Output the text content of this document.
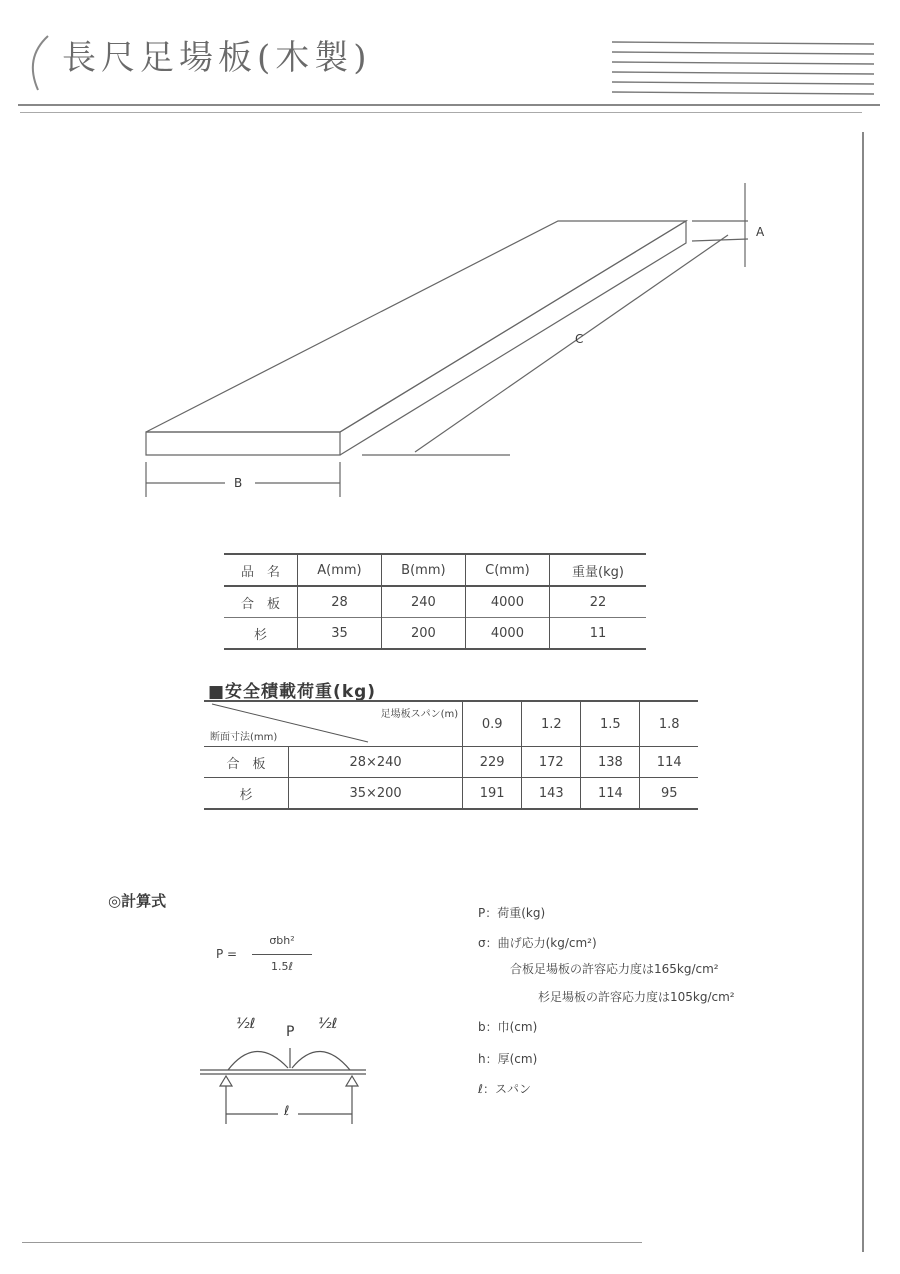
長尺足場板(木製)
A
C
B
品　名	A(mm)	B(mm)	C(mm)	重量(kg)
合　板	28	240	4000	22
杉	35	200	4000	11
■安全積載荷重(kg)
足場板スパン(m)
断面寸法(mm)		0.9	1.2	1.5	1.8
合　板	28×240	229	172	138	114
杉	35×200	191	143	114	95
◎計算式
P =
σbh²
1.5ℓ
½ℓ P ½ℓ
ℓ
P：荷重(kg)
σ：曲げ応力(kg/cm²)
合板足場板の許容応力度は165kg/cm²
杉足場板の許容応力度は105kg/cm²
b：巾(cm)
h：厚(cm)
ℓ：スパン
